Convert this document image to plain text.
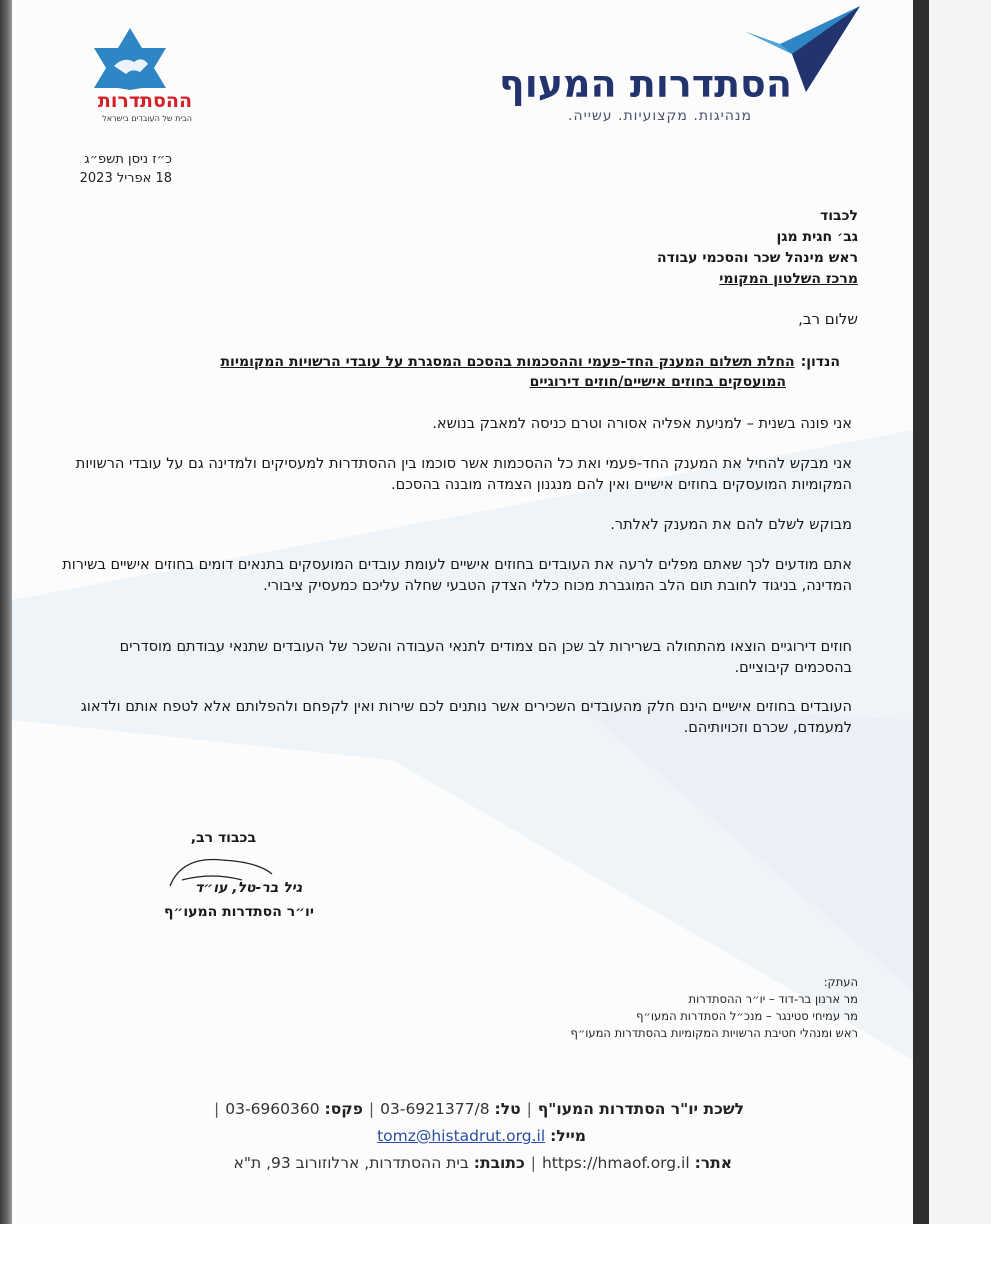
הסתדרות המעוף
מנהיגות. מקצועיות. עשייה.
ההסתדרות
הבית של העובדים בישראל
כ״ז ניסן תשפ״ג
18 אפריל 2023
לכבוד
גב׳ חגית מגן
ראש מינהל שכר והסכמי עבודה
מרכז השלטון המקומי
שלום רב,
הנדון:החלת תשלום המענק החד-פעמי וההסכמות בהסכם המסגרת על עובדי הרשויות המקומיות
המועסקים בחוזים אישיים/חוזים דירוגיים
אני פונה בשנית – למניעת אפליה אסורה וטרם כניסה למאבק בנושא.
אני מבקש להחיל את המענק החד-פעמי ואת כל ההסכמות אשר סוכמו בין ההסתדרות למעסיקים ולמדינה גם על עובדי הרשויות המקומיות המועסקים בחוזים אישיים ואין להם מנגנון הצמדה מובנה בהסכם.
מבוקש לשלם להם את המענק לאלתר.
אתם מודעים לכך שאתם מפלים לרעה את העובדים בחוזים אישיים לעומת עובדים המועסקים בתנאים דומים בחוזים אישיים בשירות המדינה, בניגוד לחובת תום הלב המוגברת מכוח כללי הצדק הטבעי שחלה עליכם כמעסיק ציבורי.
חוזים דירוגיים הוצאו מהתחולה בשרירות לב שכן הם צמודים לתנאי העבודה והשכר של העובדים שתנאי עבודתם מוסדרים בהסכמים קיבוציים.
העובדים בחוזים אישיים הינם חלק מהעובדים השכירים אשר נותנים לכם שירות ואין לקפחם ולהפלותם אלא לטפח אותם ולדאוג למעמדם, שכרם וזכויותיהם.
בכבוד רב,
גיל בר-טל, עו״ד
יו״ר הסתדרות המעו״ף
העתק:
מר ארנון בר-דוד – יו״ר ההסתדרות
מר עמיחי סטינגר – מנכ״ל הסתדרות המעו״ף
ראש ומנהלי חטיבת הרשויות המקומיות בהסתדרות המעו״ף
לשכת יו"ר הסתדרות המעו"ף|טל: 03-6921377/8|פקס: 03-6960360|
מייל: tomz@histadrut.org.il
אתר: https://hmaof.org.il|כתובת: בית ההסתדרות, ארלוזורוב 93, ת"א
